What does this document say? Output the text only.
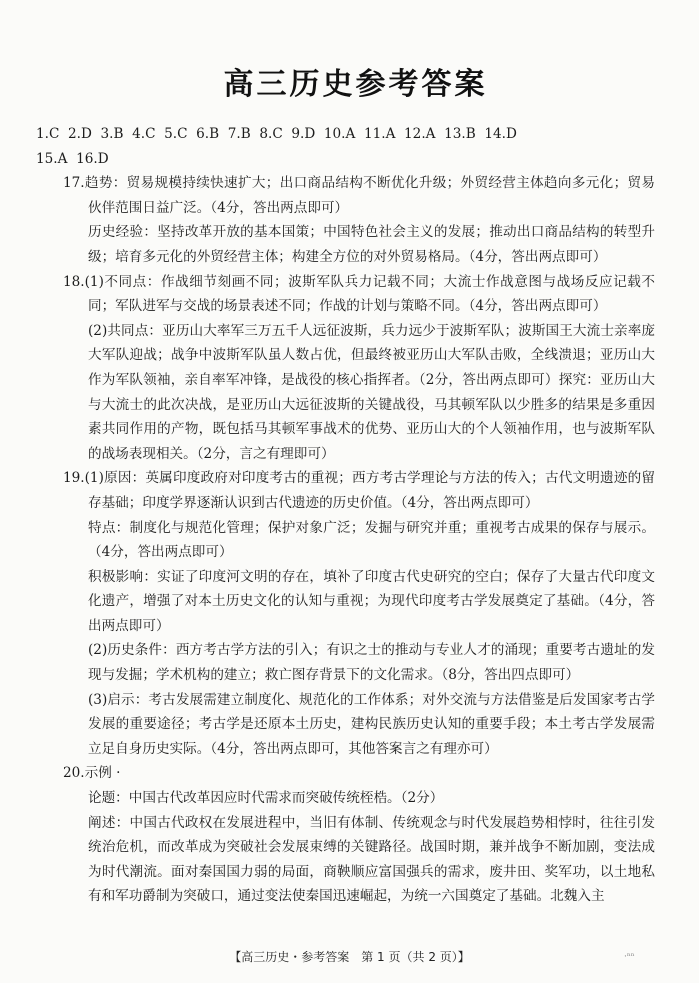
高三历史参考答案

1.C  2.D  3.B  4.C  5.C  6.B  7.B  8.C  9.D  10.A  11.A  12.A  13.B  14.D

15.A  16.D

17.趋势：贸易规模持续快速扩大；出口商品结构不断优化升级；外贸经营主体趋向多元化；贸易伙伴范围日益广泛。（4分，答出两点即可）

历史经验：坚持改革开放的基本国策；中国特色社会主义的发展；推动出口商品结构的转型升级；培育多元化的外贸经营主体；构建全方位的对外贸易格局。（4分，答出两点即可）

18.(1)不同点：作战细节刻画不同；波斯军队兵力记载不同；大流士作战意图与战场反应记载不同；军队进军与交战的场景表述不同；作战的计划与策略不同。（4分，答出两点即可）

(2)共同点：亚历山大率军三万五千人远征波斯，兵力远少于波斯军队；波斯国王大流士亲率庞大军队迎战；战争中波斯军队虽人数占优，但最终被亚历山大军队击败，全线溃退；亚历山大作为军队领袖，亲自率军冲锋，是战役的核心指挥者。（2分，答出两点即可）探究：亚历山大与大流士的此次决战，是亚历山大远征波斯的关键战役，马其顿军队以少胜多的结果是多重因素共同作用的产物，既包括马其顿军事战术的优势、亚历山大的个人领袖作用，也与波斯军队的战场表现相关。（2分，言之有理即可）

19.(1)原因：英属印度政府对印度考古的重视；西方考古学理论与方法的传入；古代文明遗迹的留存基础；印度学界逐渐认识到古代遗迹的历史价值。（4分，答出两点即可）

特点：制度化与规范化管理；保护对象广泛；发掘与研究并重；重视考古成果的保存与展示。（4分，答出两点即可）

积极影响：实证了印度河文明的存在，填补了印度古代史研究的空白；保存了大量古代印度文化遗产，增强了对本土历史文化的认知与重视；为现代印度考古学发展奠定了基础。（4分，答出两点即可）

(2)历史条件：西方考古学方法的引入；有识之士的推动与专业人才的涌现；重要考古遗址的发现与发掘；学术机构的建立；救亡图存背景下的文化需求。（8分，答出四点即可）

(3)启示：考古发展需建立制度化、规范化的工作体系；对外交流与方法借鉴是后发国家考古学发展的重要途径；考古学是还原本土历史，建构民族历史认知的重要手段；本土考古学发展需立足自身历史实际。（4分，答出两点即可，其他答案言之有理亦可）

20.示例 ·

论题：中国古代改革因应时代需求而突破传统桎梏。（2分）

阐述：中国古代政权在发展进程中，当旧有体制、传统观念与时代发展趋势相悖时，往往引发统治危机，而改革成为突破社会发展束缚的关键路径。战国时期，兼并战争不断加剧，变法成为时代潮流。面对秦国国力弱的局面，商鞅顺应富国强兵的需求，废井田、奖军功，以土地私有和军功爵制为突破口，通过变法使秦国迅速崛起，为统一六国奠定了基础。北魏入主

【高三历史・参考答案　第 1 页（共 2 页）】	·ⁿⁿ
